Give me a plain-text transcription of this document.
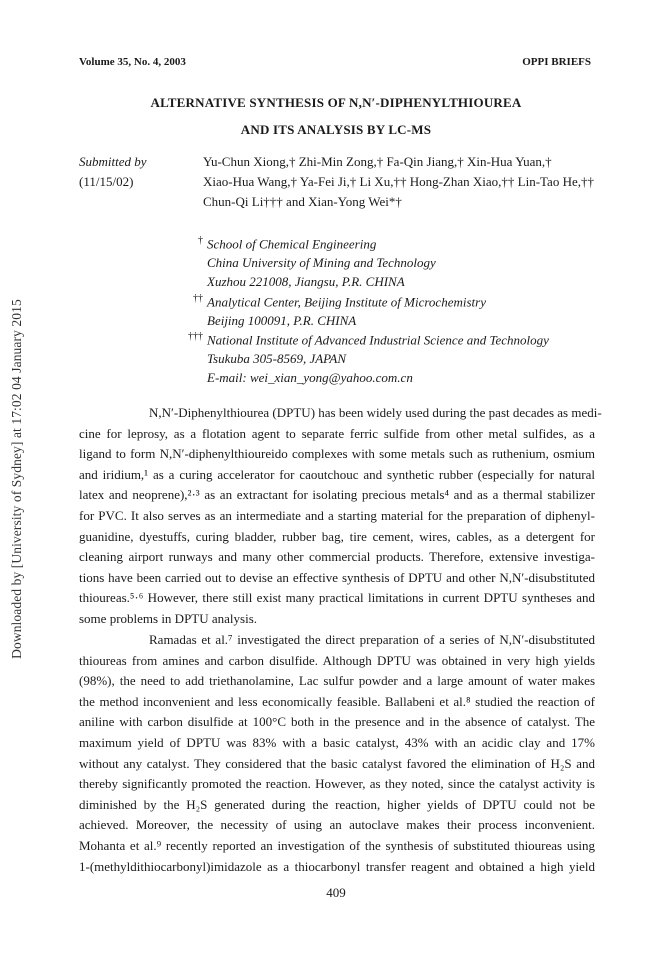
Downloaded by [University of Sydney] at 17:02 04 January 2015
Volume 35, No. 4, 2003	OPPI BRIEFS
ALTERNATIVE SYNTHESIS OF N,N′-DIPHENYLTHIOUREA
AND ITS ANALYSIS BY LC-MS
Submitted by
(11/15/02)
Yu-Chun Xiong,† Zhi-Min Zong,† Fa-Qin Jiang,† Xin-Hua Yuan,†
Xiao-Hua Wang,† Ya-Fei Ji,† Li Xu,†† Hong-Zhan Xiao,†† Lin-Tao He,††
Chun-Qi Li††† and Xian-Yong Wei*†
† School of Chemical Engineering
China University of Mining and Technology
Xuzhou 221008, Jiangsu, P.R. CHINA
†† Analytical Center, Beijing Institute of Microchemistry
Beijing 100091, P.R. CHINA
††† National Institute of Advanced Industrial Science and Technology
Tsukuba 305-8569, JAPAN
E-mail: wei_xian_yong@yahoo.com.cn
N,N′-Diphenylthiourea (DPTU) has been widely used during the past decades as medi-
cine for leprosy, as a flotation agent to separate ferric sulfide from other metal sulfides, as a
ligand to form N,N′-diphenylthioureido complexes with some metals such as ruthenium, osmium
and iridium,¹ as a curing accelerator for caoutchouc and synthetic rubber (especially for natural
latex and neoprene),²·³ as an extractant for isolating precious metals⁴ and as a thermal stabilizer
for PVC. It also serves as an intermediate and a starting material for the preparation of diphenyl-
guanidine, dyestuffs, curing bladder, rubber bag, tire cement, wires, cables, as a detergent for
cleaning airport runways and many other commercial products. Therefore, extensive investiga-
tions have been carried out to devise an effective synthesis of DPTU and other N,N′-disubstituted
thioureas.⁵·⁶ However, there still exist many practical limitations in current DPTU syntheses and
some problems in DPTU analysis.
Ramadas et al.⁷ investigated the direct preparation of a series of N,N′-disubstituted
thioureas from amines and carbon disulfide. Although DPTU was obtained in very high yields
(98%), the need to add triethanolamine, Lac sulfur powder and a large amount of water makes
the method inconvenient and less economically feasible. Ballabeni et al.⁸ studied the reaction of
aniline with carbon disulfide at 100°C both in the presence and in the absence of catalyst. The
maximum yield of DPTU was 83% with a basic catalyst, 43% with an acidic clay and 17%
without any catalyst. They considered that the basic catalyst favored the elimination of H₂S and
thereby significantly promoted the reaction. However, as they noted, since the catalyst activity is
diminished by the H₂S generated during the reaction, higher yields of DPTU could not be
achieved. Moreover, the necessity of using an autoclave makes their process inconvenient.
Mohanta et al.⁹ recently reported an investigation of the synthesis of substituted thioureas using
1-(methyldithiocarbonyl)imidazole as a thiocarbonyl transfer reagent and obtained a high yield
409
